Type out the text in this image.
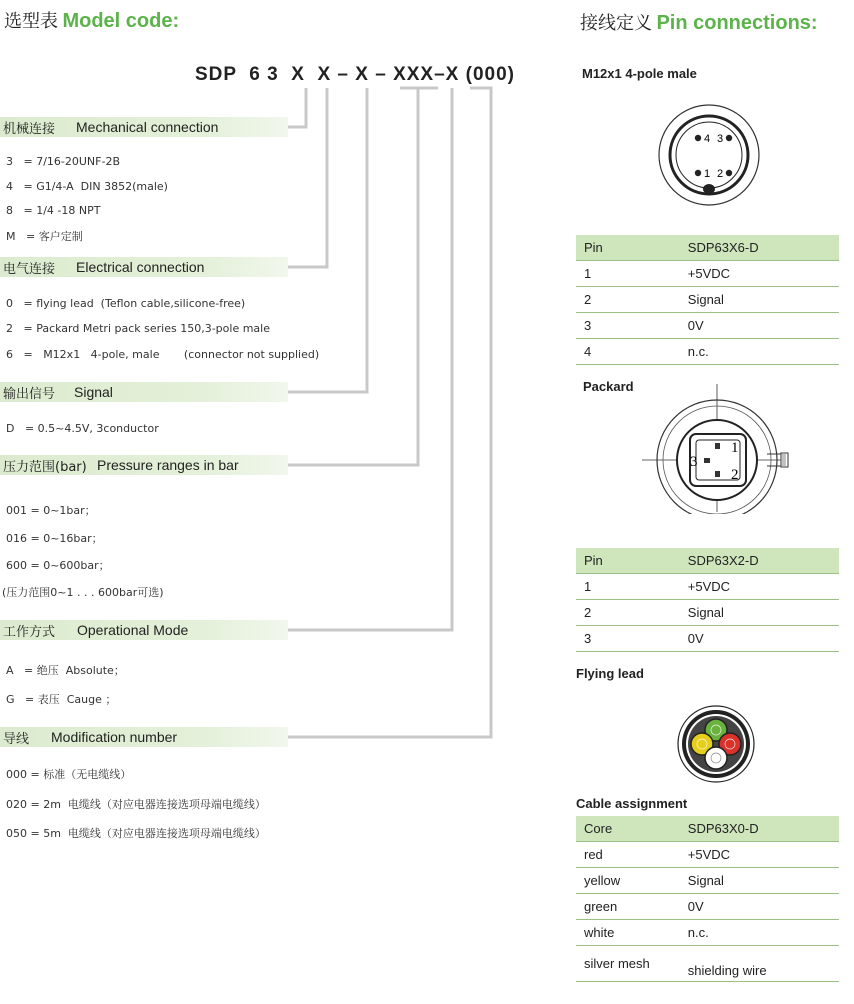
选型表 Model code:	接线定义 Pin connections:
SDP  6 3  X  X – X – XXX–X (000)
机械连接 Mechanical connection
3   = 7/16-20UNF-2B
4   = G1/4-A  DIN 3852(male)
8   = 1/4 -18 NPT
M   = 客户定制
电气连接 Electrical connection
0   = flying lead  (Teflon cable,silicone-free)
2   = Packard Metri pack series 150,3-pole male
6   =   M12x1   4-pole, male       (connector not supplied)
输出信号 Signal
D   = 0.5~4.5V, 3conductor
压力范围(bar) Pressure ranges in bar
001 = 0~1bar；
016 = 0~16bar；
600 = 0~600bar；
(压力范围0~1 . . . 600bar可选)
工作方式 Operational Mode
A   = 绝压  Absolute；
G   = 表压  Cauge ；
导线 Modification number
000 = 标准（无电缆线）
020 = 2m  电缆线（对应电器连接选项母端电缆线）
050 = 5m  电缆线（对应电器连接选项母端电缆线）
M12x1 4-pole male
4 3
1 2
Pin	SDP63X6-D
1	+5VDC
2	Signal
3	0V
4	n.c.
Packard
1
3
2
Pin	SDP63X2-D
1	+5VDC
2	Signal
3	0V
Flying lead
Cable assignment
Core	SDP63X0-D
red	+5VDC
yellow	Signal
green	0V
white	n.c.
silver mesh	shielding wire
